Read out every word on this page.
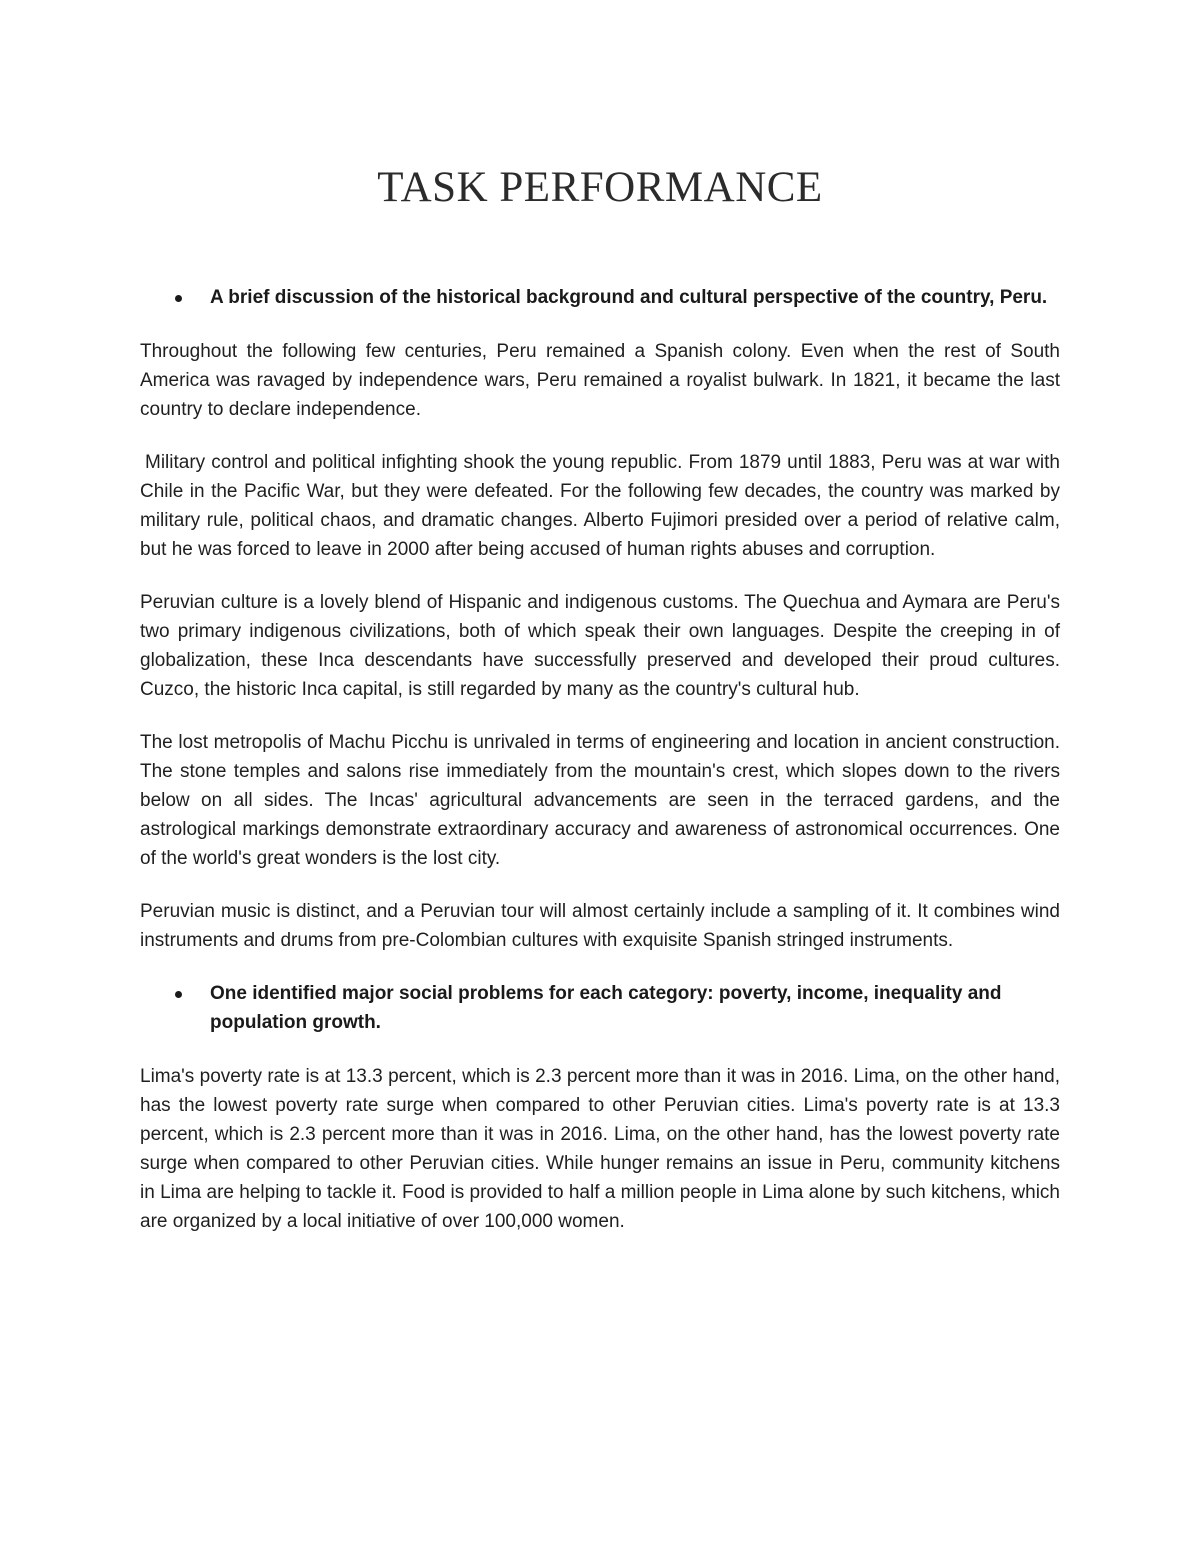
TASK PERFORMANCE
A brief discussion of the historical background and cultural perspective of the country, Peru.

Throughout the following few centuries, Peru remained a Spanish colony. Even when the rest of South America was ravaged by independence wars, Peru remained a royalist bulwark. In 1821, it became the last country to declare independence.

Military control and political infighting shook the young republic. From 1879 until 1883, Peru was at war with Chile in the Pacific War, but they were defeated. For the following few decades, the country was marked by military rule, political chaos, and dramatic changes. Alberto Fujimori presided over a period of relative calm, but he was forced to leave in 2000 after being accused of human rights abuses and corruption.

Peruvian culture is a lovely blend of Hispanic and indigenous customs. The Quechua and Aymara are Peru's two primary indigenous civilizations, both of which speak their own languages. Despite the creeping in of globalization, these Inca descendants have successfully preserved and developed their proud cultures. Cuzco, the historic Inca capital, is still regarded by many as the country's cultural hub.

The lost metropolis of Machu Picchu is unrivaled in terms of engineering and location in ancient construction. The stone temples and salons rise immediately from the mountain's crest, which slopes down to the rivers below on all sides. The Incas' agricultural advancements are seen in the terraced gardens, and the astrological markings demonstrate extraordinary accuracy and awareness of astronomical occurrences. One of the world's great wonders is the lost city.

Peruvian music is distinct, and a Peruvian tour will almost certainly include a sampling of it. It combines wind instruments and drums from pre-Colombian cultures with exquisite Spanish stringed instruments.

One identified major social problems for each category: poverty, income, inequality and population growth.

Lima's poverty rate is at 13.3 percent, which is 2.3 percent more than it was in 2016. Lima, on the other hand, has the lowest poverty rate surge when compared to other Peruvian cities. Lima's poverty rate is at 13.3 percent, which is 2.3 percent more than it was in 2016. Lima, on the other hand, has the lowest poverty rate surge when compared to other Peruvian cities. While hunger remains an issue in Peru, community kitchens in Lima are helping to tackle it. Food is provided to half a million people in Lima alone by such kitchens, which are organized by a local initiative of over 100,000 women.
